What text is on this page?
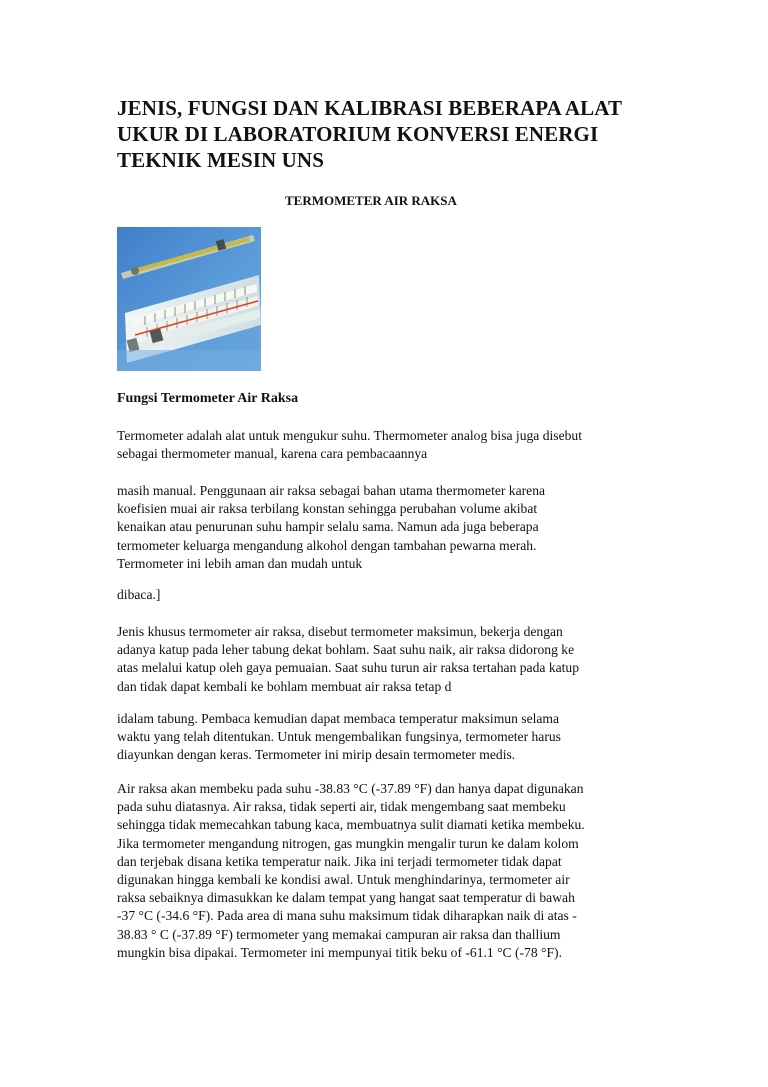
JENIS, FUNGSI DAN KALIBRASI BEBERAPA ALAT UKUR DI LABORATORIUM KONVERSI ENERGI TEKNIK MESIN UNS
TERMOMETER AIR RAKSA
Fungsi Termometer Air Raksa

Termometer adalah alat untuk mengukur suhu. Thermometer analog bisa juga disebut
sebagai thermometer manual, karena cara pembacaannya

masih manual. Penggunaan air raksa sebagai bahan utama thermometer karena
koefisien muai air raksa terbilang konstan sehingga perubahan volume akibat
kenaikan atau penurunan suhu hampir selalu sama. Namun ada juga beberapa
termometer keluarga mengandung alkohol dengan tambahan pewarna merah.
Termometer ini lebih aman dan mudah untuk

dibaca.]

Jenis khusus termometer air raksa, disebut termometer maksimun, bekerja dengan
adanya katup pada leher tabung dekat bohlam. Saat suhu naik, air raksa didorong ke
atas melalui katup oleh gaya pemuaian. Saat suhu turun air raksa tertahan pada katup
dan tidak dapat kembali ke bohlam membuat air raksa tetap d

idalam tabung. Pembaca kemudian dapat membaca temperatur maksimun selama
waktu yang telah ditentukan. Untuk mengembalikan fungsinya, termometer harus
diayunkan dengan keras. Termometer ini mirip desain termometer medis.

Air raksa akan membeku pada suhu -38.83 °C (-37.89 °F) dan hanya dapat digunakan
pada suhu diatasnya. Air raksa, tidak seperti air, tidak mengembang saat membeku
sehingga tidak memecahkan tabung kaca, membuatnya sulit diamati ketika membeku.
Jika termometer mengandung nitrogen, gas mungkin mengalir turun ke dalam kolom
dan terjebak disana ketika temperatur naik. Jika ini terjadi termometer tidak dapat
digunakan hingga kembali ke kondisi awal. Untuk menghindarinya, termometer air
raksa sebaiknya dimasukkan ke dalam tempat yang hangat saat temperatur di bawah
-37 °C (-34.6 °F). Pada area di mana suhu maksimum tidak diharapkan naik di atas -
38.83 ° C (-37.89 °F) termometer yang memakai campuran air raksa dan thallium
mungkin bisa dipakai. Termometer ini mempunyai titik beku of -61.1 °C (-78 °F).
